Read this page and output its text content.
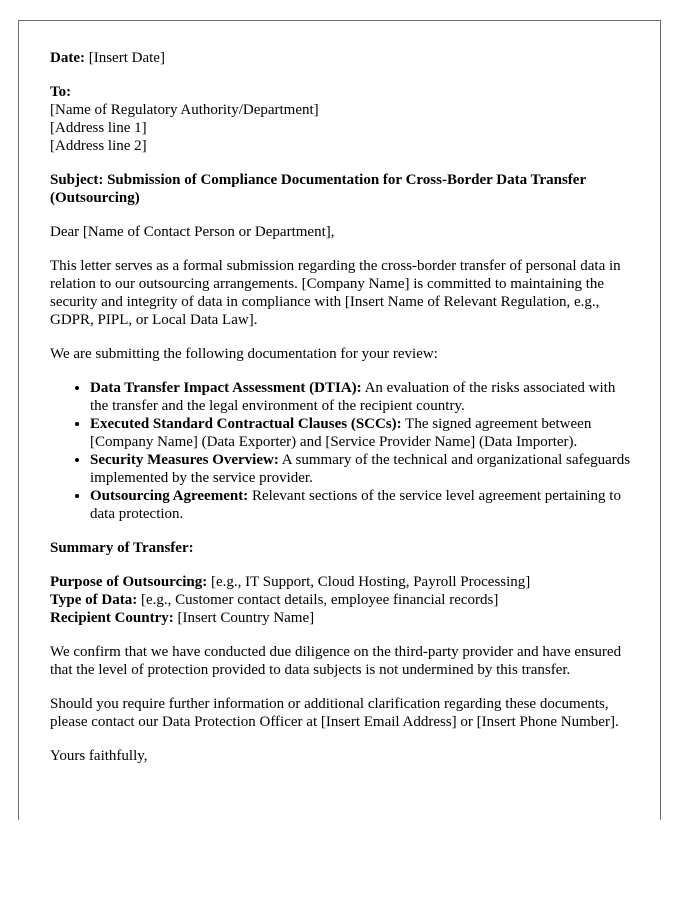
Date: [Insert Date]

To:
[Name of Regulatory Authority/Department]
[Address line 1]
[Address line 2]

Subject: Submission of Compliance Documentation for Cross-Border Data Transfer (Outsourcing)

Dear [Name of Contact Person or Department],

This letter serves as a formal submission regarding the cross-border transfer of personal data in relation to our outsourcing arrangements. [Company Name] is committed to maintaining the security and integrity of data in compliance with [Insert Name of Relevant Regulation, e.g., GDPR, PIPL, or Local Data Law].

We are submitting the following documentation for your review:

• Data Transfer Impact Assessment (DTIA): An evaluation of the risks associated with the transfer and the legal environment of the recipient country.
• Executed Standard Contractual Clauses (SCCs): The signed agreement between [Company Name] (Data Exporter) and [Service Provider Name] (Data Importer).
• Security Measures Overview: A summary of the technical and organizational safeguards implemented by the service provider.
• Outsourcing Agreement: Relevant sections of the service level agreement pertaining to data protection.

Summary of Transfer:

Purpose of Outsourcing: [e.g., IT Support, Cloud Hosting, Payroll Processing]
Type of Data: [e.g., Customer contact details, employee financial records]
Recipient Country: [Insert Country Name]

We confirm that we have conducted due diligence on the third-party provider and have ensured that the level of protection provided to data subjects is not undermined by this transfer.

Should you require further information or additional clarification regarding these documents, please contact our Data Protection Officer at [Insert Email Address] or [Insert Phone Number].

Yours faithfully,
